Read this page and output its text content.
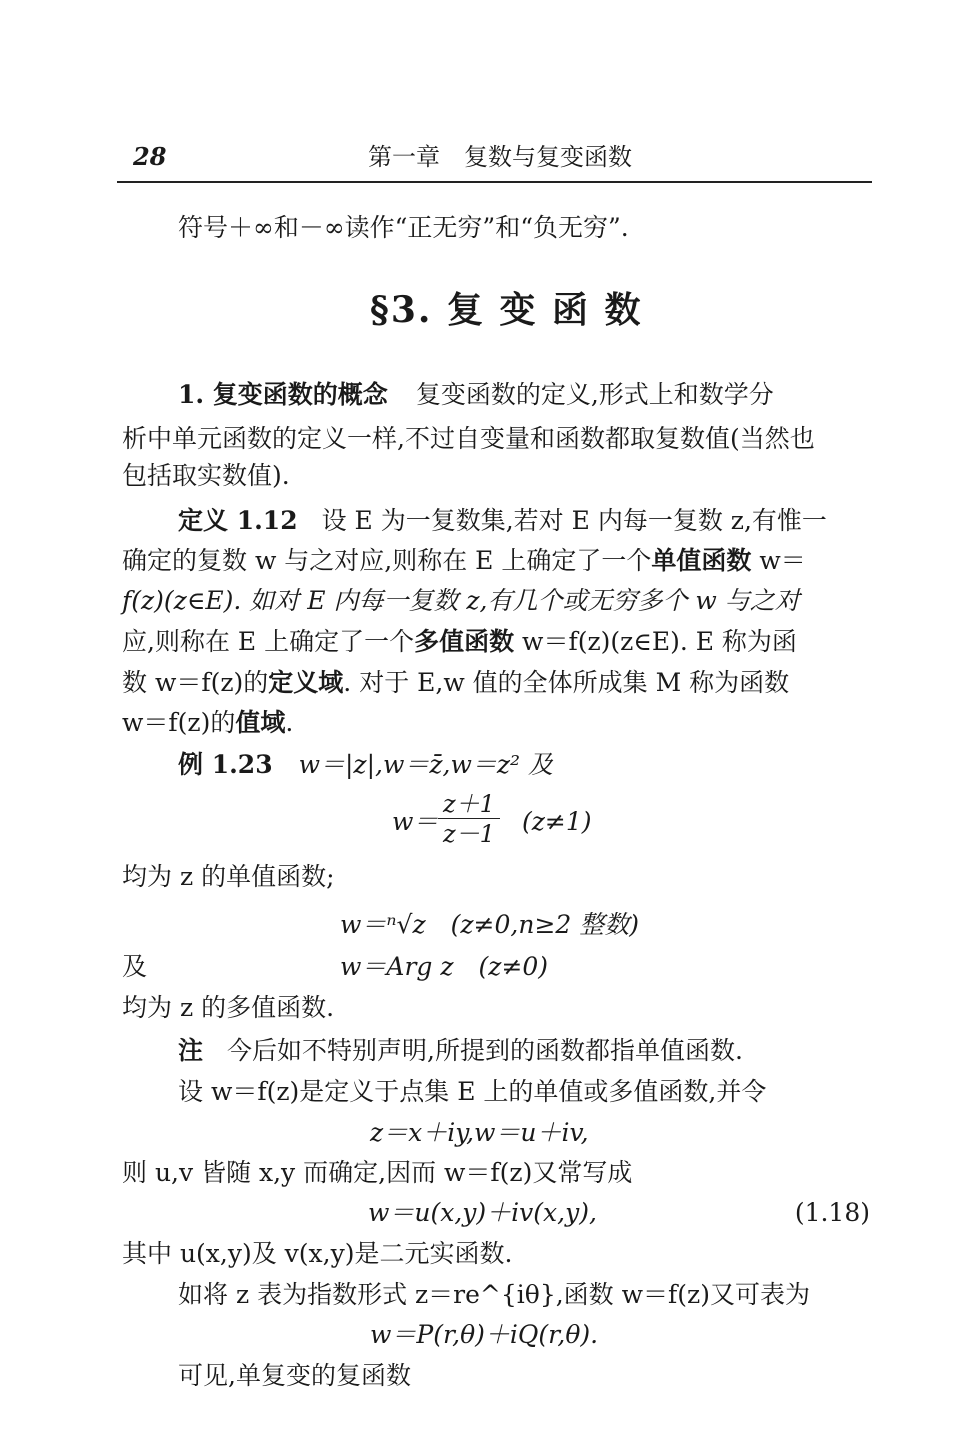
28	第一章　复数与复变函数
符号＋∞和－∞读作“正无穷”和“负无穷”.
§3. 复 变 函 数
1. 复变函数的概念 复变函数的定义,形式上和数学分
析中单元函数的定义一样,不过自变量和函数都取复数值(当然也
包括取实数值).
定义 1.12 设 E 为一复数集,若对 E 内每一复数 z,有惟一
确定的复数 w 与之对应,则称在 E 上确定了一个单值函数 w＝
f(z)(z∈E). 如对 E 内每一复数 z,有几个或无穷多个 w 与之对
应,则称在 E 上确定了一个多值函数 w＝f(z)(z∈E). E 称为函
数 w＝f(z)的定义域. 对于 E,w 值的全体所成集 M 称为函数
w＝f(z)的值域.
例 1.23 w＝|z|,w＝z̄,w＝z² 及
$w= \frac{z+1}{z-1} (z\ne 1)$
均为 z 的单值函数;
w＝ⁿ√z　(z≠0,n≥2 整数)
及	w＝Arg z　(z≠0)
均为 z 的多值函数.
注 今后如不特别声明,所提到的函数都指单值函数.
设 w＝f(z)是定义于点集 E 上的单值或多值函数,并令
z＝x＋iy,w＝u＋iv,
则 u,v 皆随 x,y 而确定,因而 w＝f(z)又常写成
w＝u(x,y)＋iv(x,y),	(1.18)
其中 u(x,y)及 v(x,y)是二元实函数.
如将 z 表为指数形式 z＝re^{iθ},函数 w＝f(z)又可表为
w＝P(r,θ)＋iQ(r,θ).
可见,单复变的复函数
